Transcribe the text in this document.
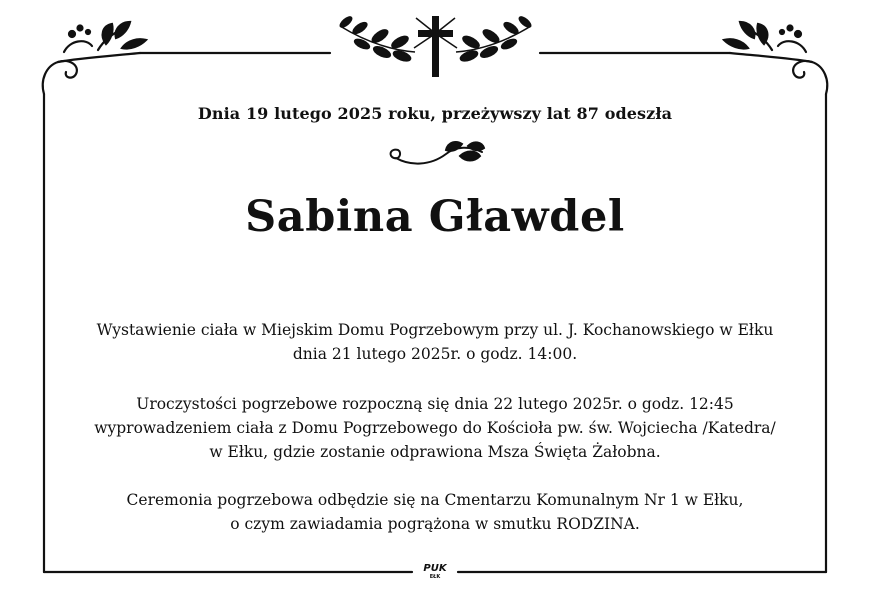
Dnia 19 lutego 2025 roku, przeżywszy lat 87 odeszła
Sabina Gławdel
Wystawienie ciała w Miejskim Domu Pogrzebowym przy ul. J. Kochanowskiego w Ełku
dnia 21 lutego 2025r. o godz. 14:00.
Uroczystości pogrzebowe rozpoczną się dnia 22 lutego 2025r. o godz. 12:45
wyprowadzeniem ciała z Domu Pogrzebowego do Kościoła pw. św. Wojciecha /Katedra/
w Ełku, gdzie zostanie odprawiona Msza Święta Żałobna.
Ceremonia pogrzebowa odbędzie się na Cmentarzu Komunalnym Nr 1 w Ełku,
o czym zawiadamia pogrążona w smutku RODZINA.
PUK
EŁK
